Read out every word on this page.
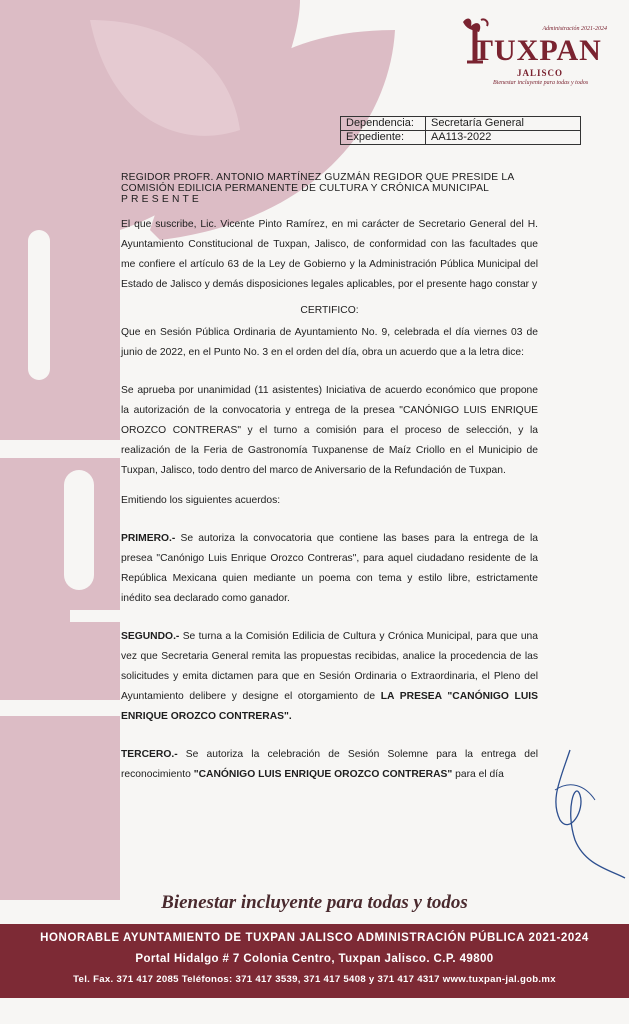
Administración 2021-2024
TUXPAN
JALISCO
Bienestar incluyente para todas y todos
Dependencia:	Secretaría General
Expediente:	AA113-2022

REGIDOR PROFR. ANTONIO MARTÍNEZ GUZMÁN REGIDOR QUE PRESIDE LA
COMISIÓN EDILICIA PERMANENTE DE CULTURA Y CRÓNICA MUNICIPAL
P R E S E N T E

El que suscribe, Lic. Vicente Pinto Ramírez, en mi carácter de Secretario General del H. Ayuntamiento Constitucional de Tuxpan, Jalisco, de conformidad con las facultades que me confiere el artículo 63 de la Ley de Gobierno y la Administración Pública Municipal del Estado de Jalisco y demás disposiciones legales aplicables, por el presente hago constar y

CERTIFICO:

Que en Sesión Pública Ordinaria de Ayuntamiento No. 9, celebrada el día viernes 03 de junio de 2022, en el Punto No. 3 en el orden del día, obra un acuerdo que a la letra dice:

Se aprueba por unanimidad (11 asistentes) Iniciativa de acuerdo económico que propone la autorización de la convocatoria y entrega de la presea "CANÓNIGO LUIS ENRIQUE OROZCO CONTRERAS" y el turno a comisión para el proceso de selección, y la realización de la Feria de Gastronomía Tuxpanense de Maíz Criollo en el Municipio de Tuxpan, Jalisco, todo dentro del marco de Aniversario de la Refundación de Tuxpan.

Emitiendo los siguientes acuerdos:

PRIMERO.- Se autoriza la convocatoria que contiene las bases para la entrega de la presea "Canónigo Luis Enrique Orozco Contreras", para aquel ciudadano residente de la República Mexicana quien mediante un poema con tema y estilo libre, estrictamente inédito sea declarado como ganador.

SEGUNDO.- Se turna a la Comisión Edilicia de Cultura y Crónica Municipal, para que una vez que Secretaria General remita las propuestas recibidas, analice la procedencia de las solicitudes y emita dictamen para que en Sesión Ordinaria o Extraordinaria, el Pleno del Ayuntamiento delibere y designe el otorgamiento de LA PRESEA "CANÓNIGO LUIS ENRIQUE OROZCO CONTRERAS".

TERCERO.- Se autoriza la celebración de Sesión Solemne para la entrega del reconocimiento "CANÓNIGO LUIS ENRIQUE OROZCO CONTRERAS" para el día

Bienestar incluyente para todas y todos
HONORABLE AYUNTAMIENTO DE TUXPAN JALISCO ADMINISTRACIÓN PÚBLICA 2021-2024
Portal Hidalgo # 7 Colonia Centro, Tuxpan Jalisco. C.P. 49800
Tel. Fax. 371 417 2085 Teléfonos: 371 417 3539, 371 417 5408 y 371 417 4317 www.tuxpan-jal.gob.mx
